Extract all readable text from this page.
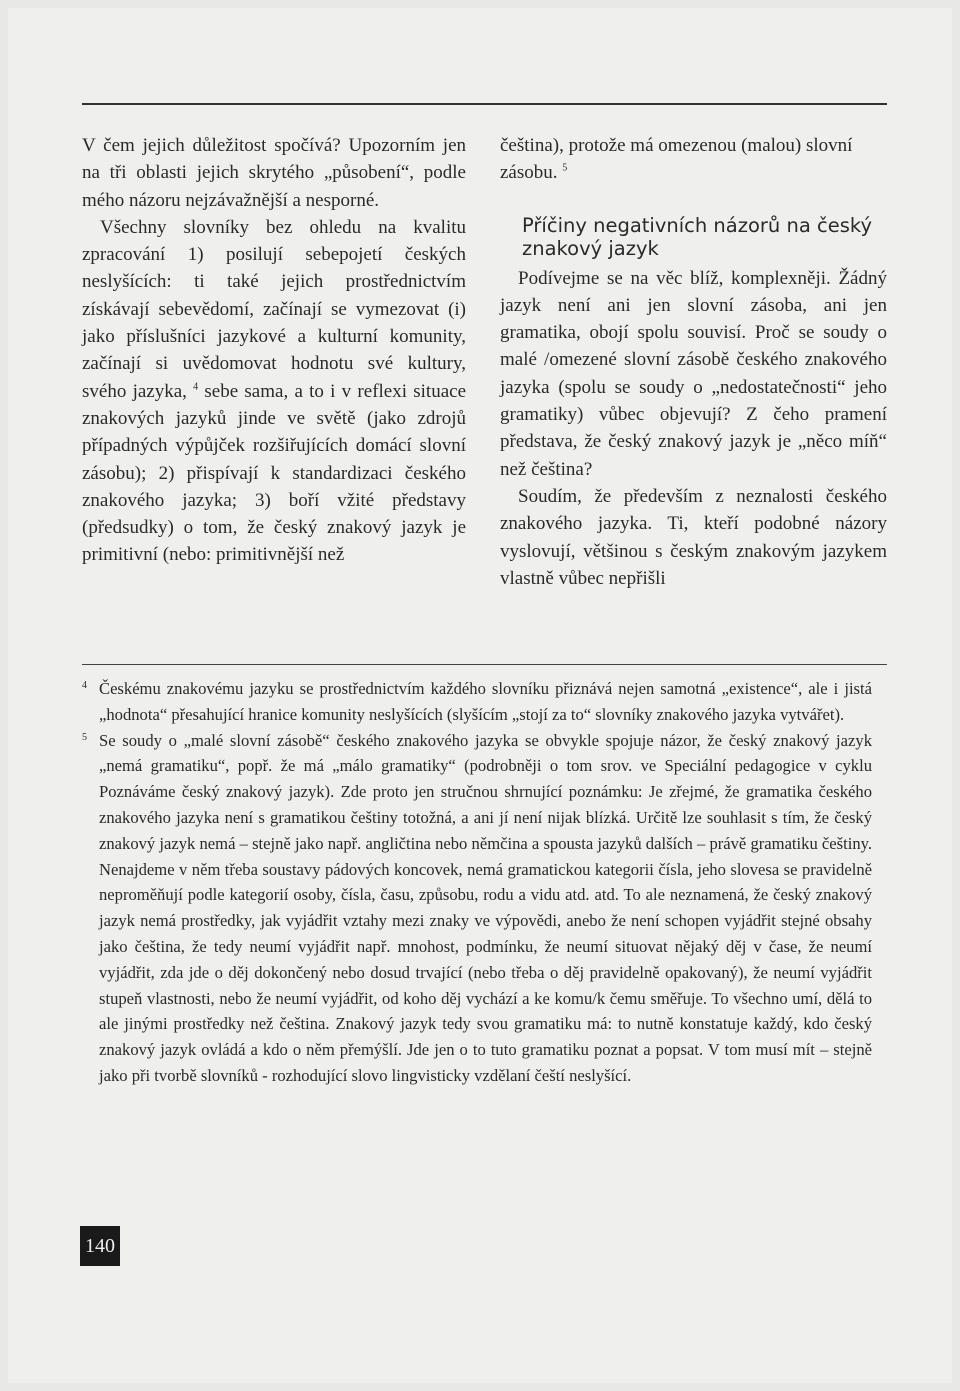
V čem jejich důležitost spočívá? Upozorním jen na tři oblasti jejich skrytého „působení“, podle mého názoru nejzávažnější a nesporné.

Všechny slovníky bez ohledu na kvalitu zpracování 1) posilují sebepojetí českých neslyšících: ti také jejich prostřednictvím získávají sebevědomí, začínají se vymezovat (i) jako příslušníci jazykové a kulturní komunity, začínají si uvědomovat hodnotu své kultury, svého jazyka, $^4$ sebe sama, a to i v reflexi situace znakových jazyků jinde ve světě (jako zdrojů případných výpůjček rozšiřujících domácí slovní zásobu); 2) přispívají k standardizaci českého znakového jazyka; 3) boří vžité představy (předsudky) o tom, že český znakový jazyk je primitivní (nebo: primitivnější než

čeština), protože má omezenou (malou) slovní zásobu. $^5$

Příčiny negativních názorů na český znakový jazyk

Podívejme se na věc blíž, komplexněji. Žádný jazyk není ani jen slovní zásoba, ani jen gramatika, obojí spolu souvisí. Proč se soudy o malé /omezené slovní zásobě českého znakového jazyka (spolu se soudy o „nedostatečnosti“ jeho gramatiky) vůbec objevují? Z čeho pramení představa, že český znakový jazyk je „něco míň“ než čeština?

Soudím, že především z neznalosti českého znakového jazyka. Ti, kteří podobné názory vyslovují, většinou s českým znakovým jazykem vlastně vůbec nepřišli

4 Českému znakovému jazyku se prostřednictvím každého slovníku přiznává nejen samotná „existence“, ale i jistá „hodnota“ přesahující hranice komunity neslyšících (slyšícím „stojí za to“ slovníky znakového jazyka vytvářet).

5 Se soudy o „malé slovní zásobě“ českého znakového jazyka se obvykle spojuje názor, že český znakový jazyk „nemá gramatiku“, popř. že má „málo gramatiky“ (podrobněji o tom srov. ve Speciální pedagogice v cyklu Poznáváme český znakový jazyk). Zde proto jen stručnou shrnující poznámku: Je zřejmé, že gramatika českého znakového jazyka není s gramatikou češtiny totožná, a ani jí není nijak blízká. Určitě lze souhlasit s tím, že český znakový jazyk nemá – stejně jako např. angličtina nebo němčina a spousta jazyků dalších – právě gramatiku češtiny. Nenajdeme v něm třeba soustavy pádových koncovek, nemá gramatickou kategorii čísla, jeho slovesa se pravidelně neproměňují podle kategorií osoby, čísla, času, způsobu, rodu a vidu atd. atd. To ale neznamená, že český znakový jazyk nemá prostředky, jak vyjádřit vztahy mezi znaky ve výpovědi, anebo že není schopen vyjádřit stejné obsahy jako čeština, že tedy neumí vyjádřit např. mnohost, podmínku, že neumí situovat nějaký děj v čase, že neumí vyjádřit, zda jde o děj dokončený nebo dosud trvající (nebo třeba o děj pravidelně opakovaný), že neumí vyjádřit stupeň vlastnosti, nebo že neumí vyjádřit, od koho děj vychází a ke komu/k čemu směřuje. To všechno umí, dělá to ale jinými prostředky než čeština. Znakový jazyk tedy svou gramatiku má: to nutně konstatuje každý, kdo český znakový jazyk ovládá a kdo o něm přemýšlí. Jde jen o to tuto gramatiku poznat a popsat. V tom musí mít – stejně jako při tvorbě slovníků - rozhodující slovo lingvisticky vzdělaní čeští neslyšící.

140
